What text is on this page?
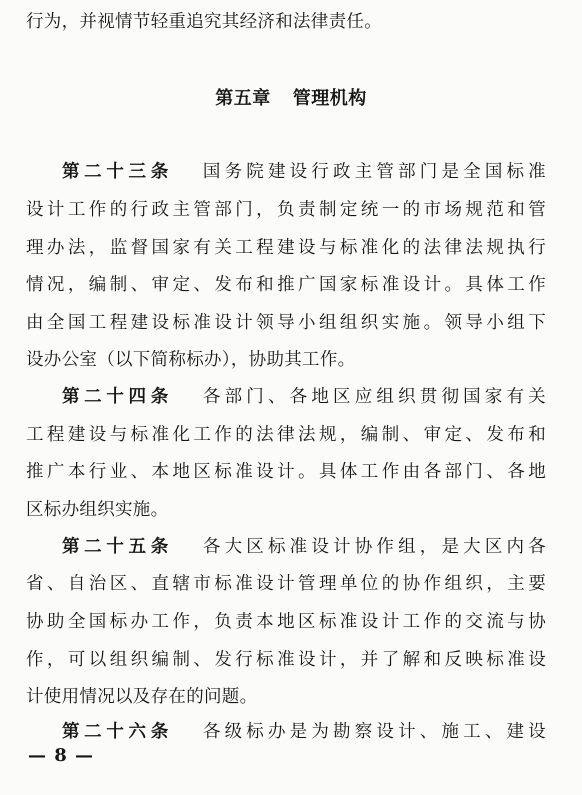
行为，并视情节轻重追究其经济和法律责任。
第五章 管理机构
第二十三条 国务院建设行政主管部门是全国标准
设计工作的行政主管部门，负责制定统一的市场规范和管
理办法，监督国家有关工程建设与标准化的法律法规执行
情况，编制、审定、发布和推广国家标准设计。具体工作
由全国工程建设标准设计领导小组组织实施。领导小组下
设办公室（以下简称标办），协助其工作。
第二十四条 各部门、各地区应组织贯彻国家有关
工程建设与标准化工作的法律法规，编制、审定、发布和
推广本行业、本地区标准设计。具体工作由各部门、各地
区标办组织实施。
第二十五条 各大区标准设计协作组，是大区内各
省、自治区、直辖市标准设计管理单位的协作组织，主要
协助全国标办工作，负责本地区标准设计工作的交流与协
作，可以组织编制、发行标准设计，并了解和反映标准设
计使用情况以及存在的问题。
第二十六条 各级标办是为勘察设计、施工、建设
— 8 —
